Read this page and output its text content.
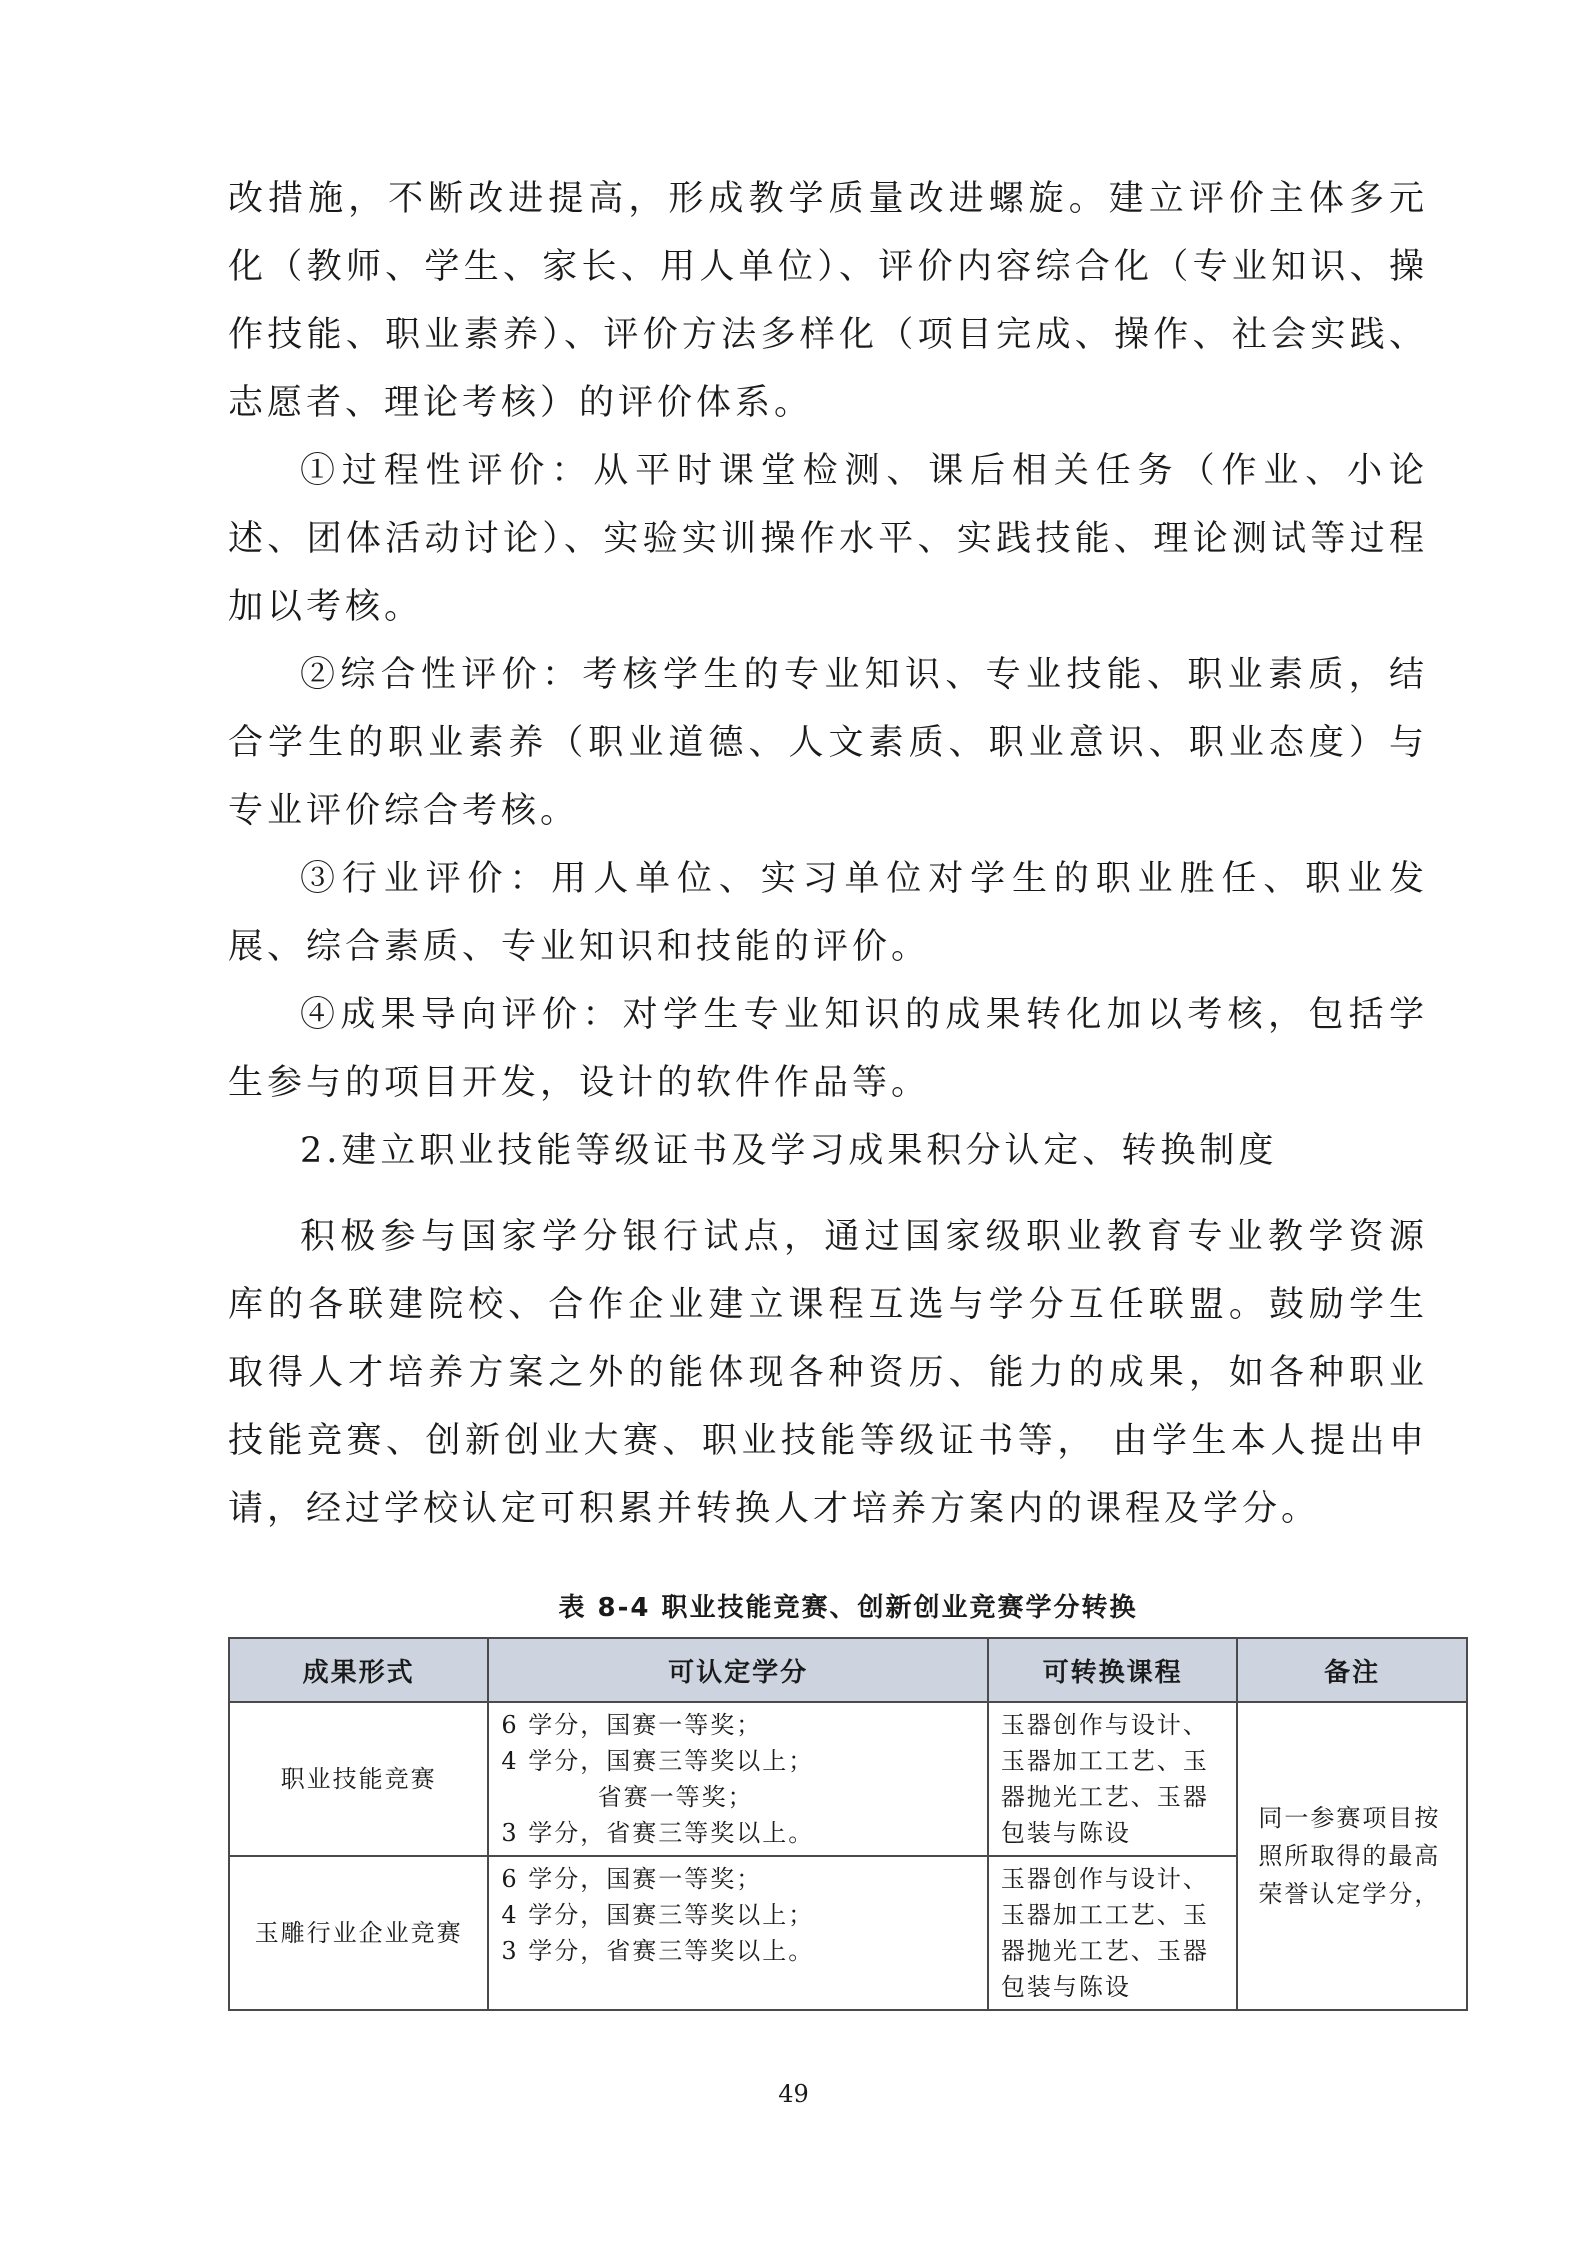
改措施，不断改进提高，形成教学质量改进螺旋。建立评价主体多元化（教师、学生、家长、用人单位）、评价内容综合化（专业知识、操作技能、职业素养）、评价方法多样化（项目完成、操作、社会实践、志愿者、理论考核）的评价体系。

①过程性评价：从平时课堂检测、课后相关任务（作业、小论述、团体活动讨论）、实验实训操作水平、实践技能、理论测试等过程加以考核。

②综合性评价：考核学生的专业知识、专业技能、职业素质，结合学生的职业素养（职业道德、人文素质、职业意识、职业态度）与专业评价综合考核。

③行业评价：用人单位、实习单位对学生的职业胜任、职业发展、综合素质、专业知识和技能的评价。

④成果导向评价：对学生专业知识的成果转化加以考核，包括学生参与的项目开发，设计的软件作品等。

2.建立职业技能等级证书及学习成果积分认定、转换制度

积极参与国家学分银行试点，通过国家级职业教育专业教学资源库的各联建院校、合作企业建立课程互选与学分互任联盟。鼓励学生取得人才培养方案之外的能体现各种资历、能力的成果，如各种职业技能竞赛、创新创业大赛、职业技能等级证书等， 由学生本人提出申请，经过学校认定可积累并转换人才培养方案内的课程及学分。

表 8-4 职业技能竞赛、创新创业竞赛学分转换
成果形式	可认定学分	可转换课程	备注
职业技能竞赛	6 学分，国赛一等奖；
4 学分，国赛三等奖以上；
省赛一等奖；
3 学分，省赛三等奖以上。	玉器创作与设计、玉器加工工艺、玉器抛光工艺、玉器包装与陈设	同一参赛项目按 照所取得的最高 荣誉认定学分，
玉雕行业企业竞赛	6 学分，国赛一等奖；
4 学分，国赛三等奖以上；
3 学分，省赛三等奖以上。	玉器创作与设计、玉器加工工艺、玉器抛光工艺、玉器包装与陈设	
49
